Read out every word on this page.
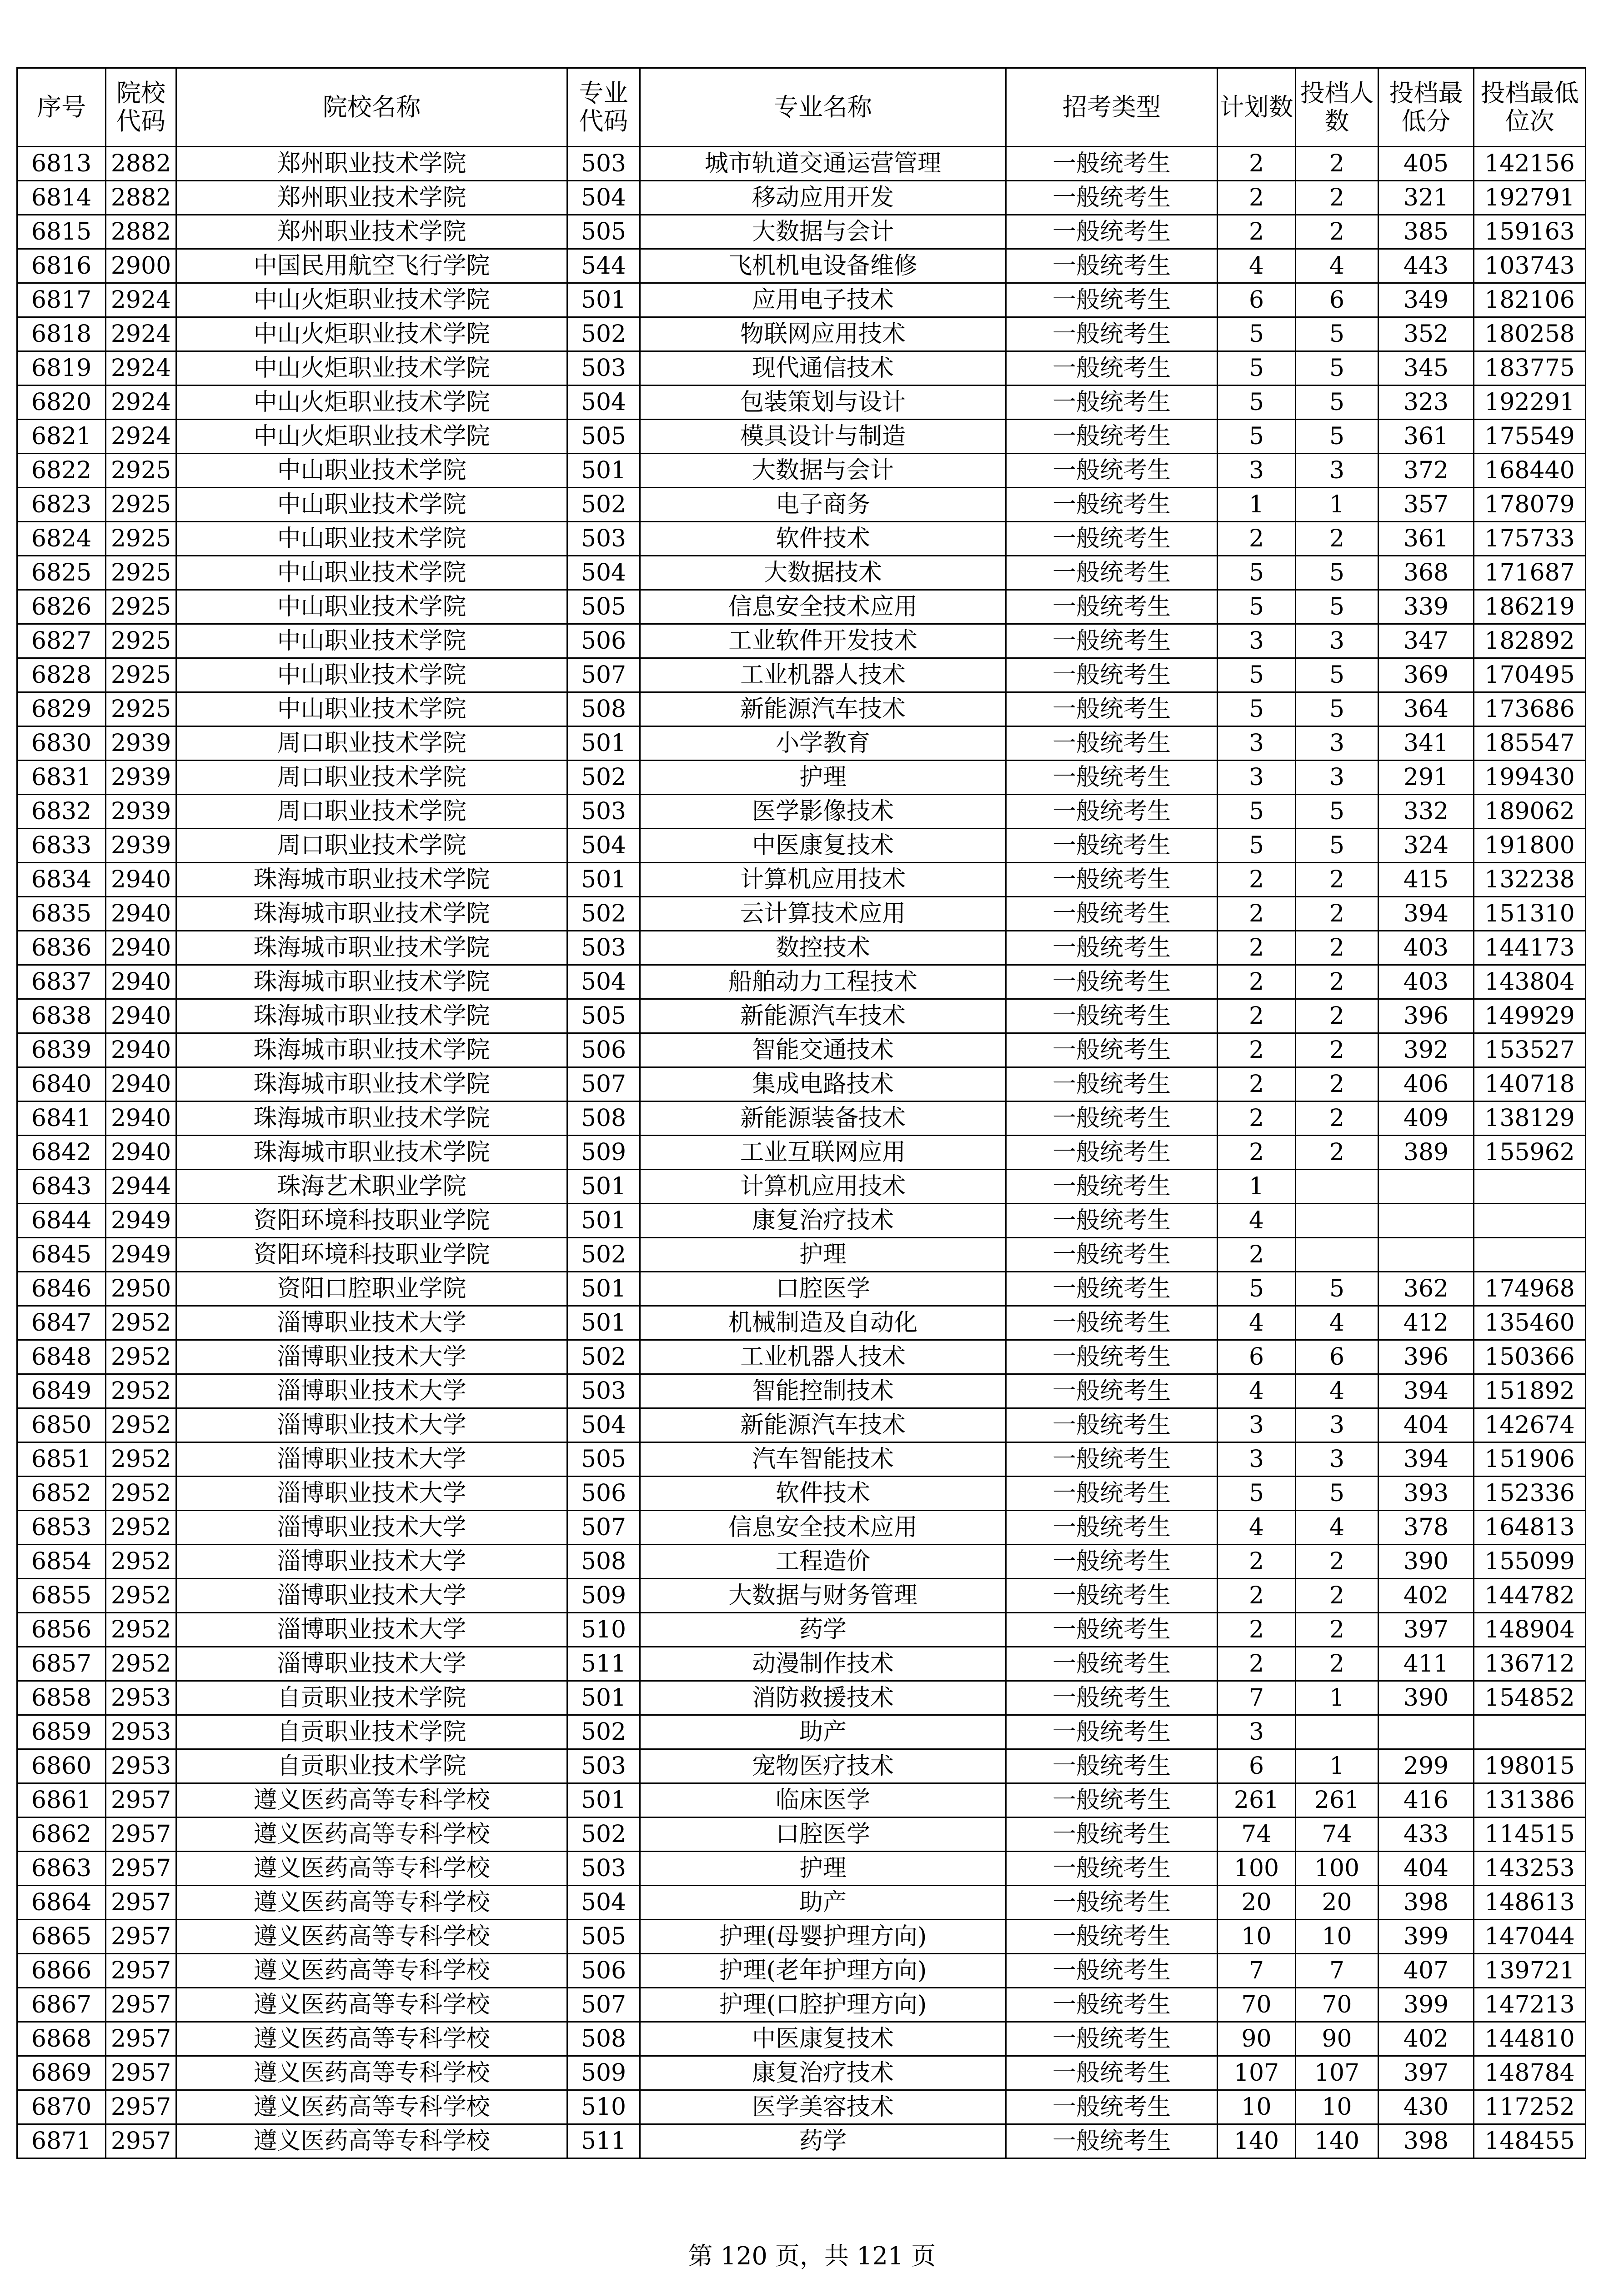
序号	院校代码	院校名称	专业代码	专业名称	招考类型	计划数	投档人数	投档最低分	投档最低位次
6813	2882	郑州职业技术学院	503	城市轨道交通运营管理	一般统考生	2	2	405	142156
6814	2882	郑州职业技术学院	504	移动应用开发	一般统考生	2	2	321	192791
6815	2882	郑州职业技术学院	505	大数据与会计	一般统考生	2	2	385	159163
6816	2900	中国民用航空飞行学院	544	飞机机电设备维修	一般统考生	4	4	443	103743
6817	2924	中山火炬职业技术学院	501	应用电子技术	一般统考生	6	6	349	182106
6818	2924	中山火炬职业技术学院	502	物联网应用技术	一般统考生	5	5	352	180258
6819	2924	中山火炬职业技术学院	503	现代通信技术	一般统考生	5	5	345	183775
6820	2924	中山火炬职业技术学院	504	包装策划与设计	一般统考生	5	5	323	192291
6821	2924	中山火炬职业技术学院	505	模具设计与制造	一般统考生	5	5	361	175549
6822	2925	中山职业技术学院	501	大数据与会计	一般统考生	3	3	372	168440
6823	2925	中山职业技术学院	502	电子商务	一般统考生	1	1	357	178079
6824	2925	中山职业技术学院	503	软件技术	一般统考生	2	2	361	175733
6825	2925	中山职业技术学院	504	大数据技术	一般统考生	5	5	368	171687
6826	2925	中山职业技术学院	505	信息安全技术应用	一般统考生	5	5	339	186219
6827	2925	中山职业技术学院	506	工业软件开发技术	一般统考生	3	3	347	182892
6828	2925	中山职业技术学院	507	工业机器人技术	一般统考生	5	5	369	170495
6829	2925	中山职业技术学院	508	新能源汽车技术	一般统考生	5	5	364	173686
6830	2939	周口职业技术学院	501	小学教育	一般统考生	3	3	341	185547
6831	2939	周口职业技术学院	502	护理	一般统考生	3	3	291	199430
6832	2939	周口职业技术学院	503	医学影像技术	一般统考生	5	5	332	189062
6833	2939	周口职业技术学院	504	中医康复技术	一般统考生	5	5	324	191800
6834	2940	珠海城市职业技术学院	501	计算机应用技术	一般统考生	2	2	415	132238
6835	2940	珠海城市职业技术学院	502	云计算技术应用	一般统考生	2	2	394	151310
6836	2940	珠海城市职业技术学院	503	数控技术	一般统考生	2	2	403	144173
6837	2940	珠海城市职业技术学院	504	船舶动力工程技术	一般统考生	2	2	403	143804
6838	2940	珠海城市职业技术学院	505	新能源汽车技术	一般统考生	2	2	396	149929
6839	2940	珠海城市职业技术学院	506	智能交通技术	一般统考生	2	2	392	153527
6840	2940	珠海城市职业技术学院	507	集成电路技术	一般统考生	2	2	406	140718
6841	2940	珠海城市职业技术学院	508	新能源装备技术	一般统考生	2	2	409	138129
6842	2940	珠海城市职业技术学院	509	工业互联网应用	一般统考生	2	2	389	155962
6843	2944	珠海艺术职业学院	501	计算机应用技术	一般统考生	1			
6844	2949	资阳环境科技职业学院	501	康复治疗技术	一般统考生	4			
6845	2949	资阳环境科技职业学院	502	护理	一般统考生	2			
6846	2950	资阳口腔职业学院	501	口腔医学	一般统考生	5	5	362	174968
6847	2952	淄博职业技术大学	501	机械制造及自动化	一般统考生	4	4	412	135460
6848	2952	淄博职业技术大学	502	工业机器人技术	一般统考生	6	6	396	150366
6849	2952	淄博职业技术大学	503	智能控制技术	一般统考生	4	4	394	151892
6850	2952	淄博职业技术大学	504	新能源汽车技术	一般统考生	3	3	404	142674
6851	2952	淄博职业技术大学	505	汽车智能技术	一般统考生	3	3	394	151906
6852	2952	淄博职业技术大学	506	软件技术	一般统考生	5	5	393	152336
6853	2952	淄博职业技术大学	507	信息安全技术应用	一般统考生	4	4	378	164813
6854	2952	淄博职业技术大学	508	工程造价	一般统考生	2	2	390	155099
6855	2952	淄博职业技术大学	509	大数据与财务管理	一般统考生	2	2	402	144782
6856	2952	淄博职业技术大学	510	药学	一般统考生	2	2	397	148904
6857	2952	淄博职业技术大学	511	动漫制作技术	一般统考生	2	2	411	136712
6858	2953	自贡职业技术学院	501	消防救援技术	一般统考生	7	1	390	154852
6859	2953	自贡职业技术学院	502	助产	一般统考生	3			
6860	2953	自贡职业技术学院	503	宠物医疗技术	一般统考生	6	1	299	198015
6861	2957	遵义医药高等专科学校	501	临床医学	一般统考生	261	261	416	131386
6862	2957	遵义医药高等专科学校	502	口腔医学	一般统考生	74	74	433	114515
6863	2957	遵义医药高等专科学校	503	护理	一般统考生	100	100	404	143253
6864	2957	遵义医药高等专科学校	504	助产	一般统考生	20	20	398	148613
6865	2957	遵义医药高等专科学校	505	护理(母婴护理方向)	一般统考生	10	10	399	147044
6866	2957	遵义医药高等专科学校	506	护理(老年护理方向)	一般统考生	7	7	407	139721
6867	2957	遵义医药高等专科学校	507	护理(口腔护理方向)	一般统考生	70	70	399	147213
6868	2957	遵义医药高等专科学校	508	中医康复技术	一般统考生	90	90	402	144810
6869	2957	遵义医药高等专科学校	509	康复治疗技术	一般统考生	107	107	397	148784
6870	2957	遵义医药高等专科学校	510	医学美容技术	一般统考生	10	10	430	117252
6871	2957	遵义医药高等专科学校	511	药学	一般统考生	140	140	398	148455
第 120 页，共 121 页
